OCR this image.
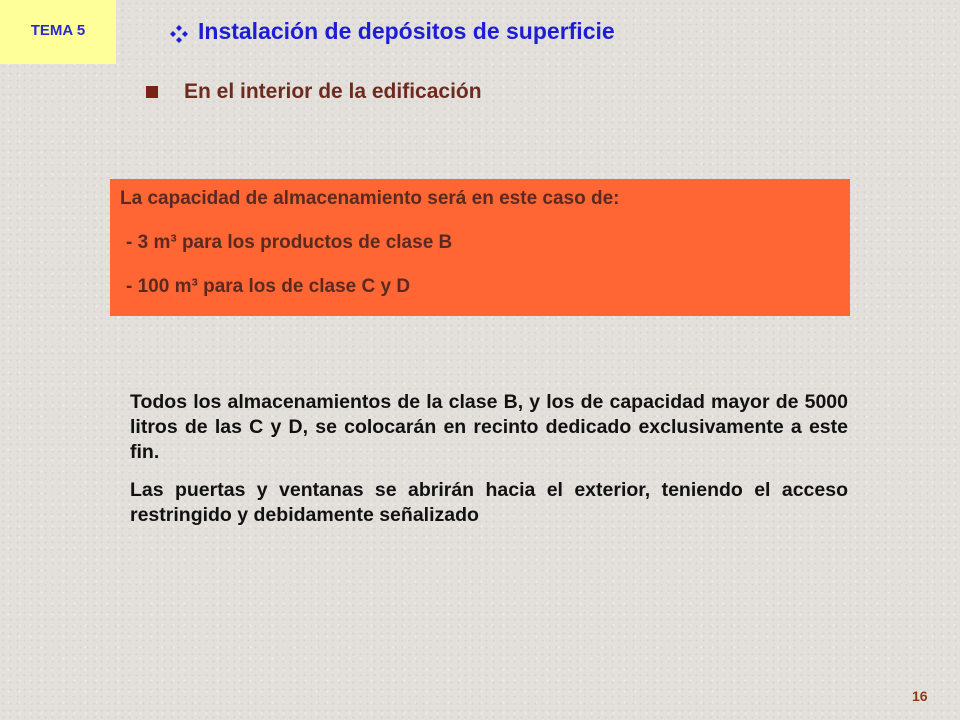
TEMA 5	Instalación de depósitos de superficie
En el interior de la edificación
La capacidad de almacenamiento será en este caso de:
- 3 m³ para los productos de clase B
- 100 m³ para los de clase C y D

Todos los almacenamientos de la clase B, y los de capacidad mayor de 5000 litros de las C y D, se colocarán en recinto dedicado exclusivamente a este fin.

Las puertas y ventanas se abrirán hacia el exterior, teniendo el acceso restringido y debidamente señalizado

16
